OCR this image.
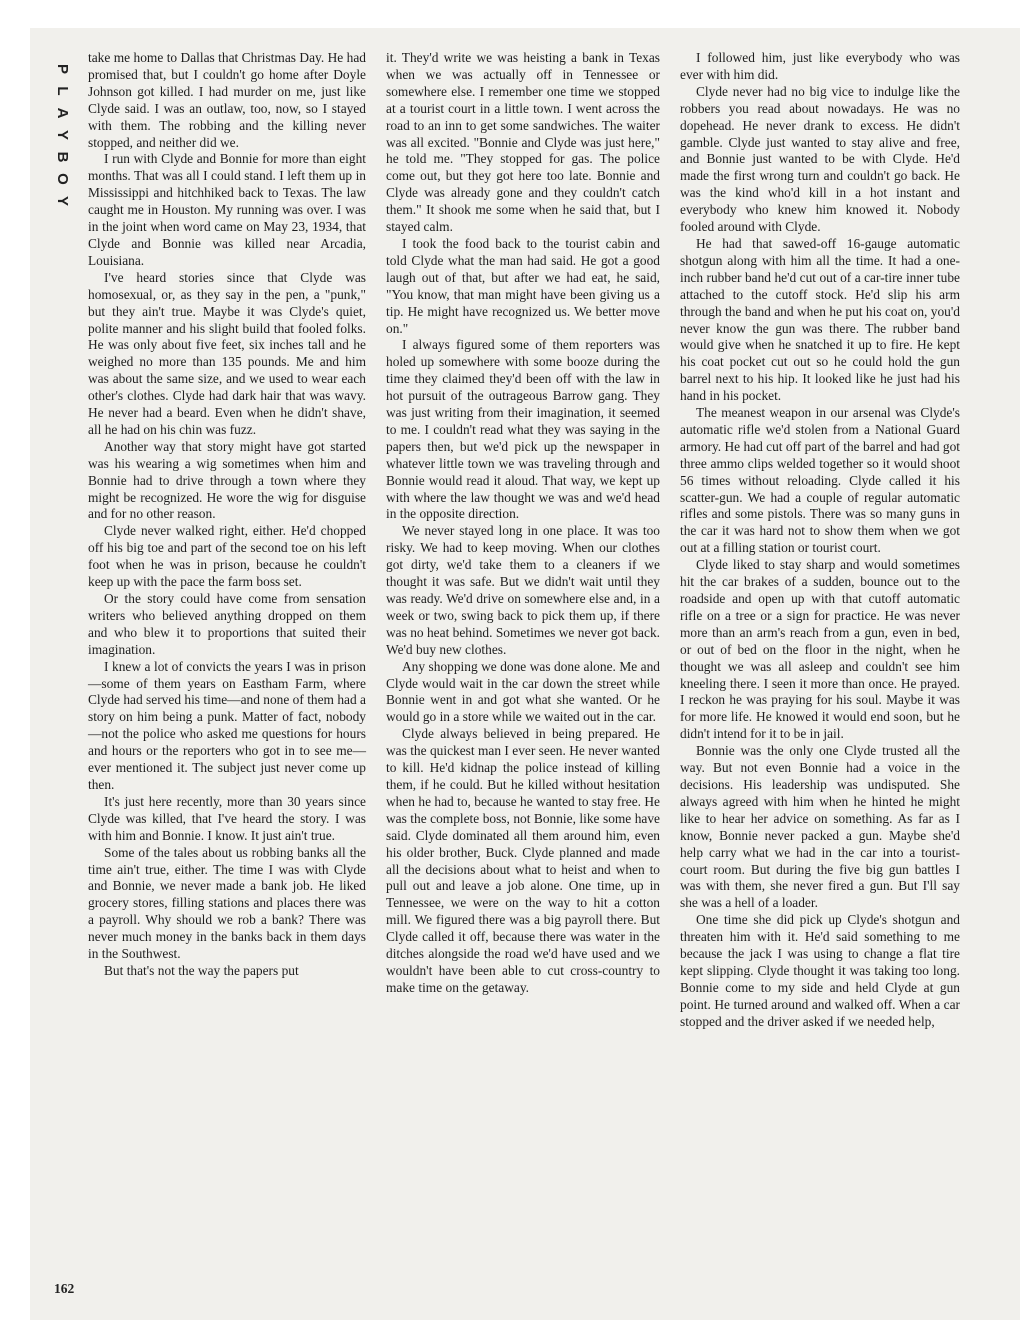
P
L
A
Y
B
O
Y

take me home to Dallas that Christmas Day. He had promised that, but I couldn't go home after Doyle Johnson got killed. I had murder on me, just like Clyde said. I was an outlaw, too, now, so I stayed with them. The robbing and the killing never stopped, and neither did we.

I run with Clyde and Bonnie for more than eight months. That was all I could stand. I left them up in Mississippi and hitchhiked back to Texas. The law caught me in Houston. My running was over. I was in the joint when word came on May 23, 1934, that Clyde and Bonnie was killed near Arcadia, Louisiana.

I've heard stories since that Clyde was homosexual, or, as they say in the pen, a "punk," but they ain't true. Maybe it was Clyde's quiet, polite manner and his slight build that fooled folks. He was only about five feet, six inches tall and he weighed no more than 135 pounds. Me and him was about the same size, and we used to wear each other's clothes. Clyde had dark hair that was wavy. He never had a beard. Even when he didn't shave, all he had on his chin was fuzz.

Another way that story might have got started was his wearing a wig sometimes when him and Bonnie had to drive through a town where they might be recognized. He wore the wig for disguise and for no other reason.

Clyde never walked right, either. He'd chopped off his big toe and part of the second toe on his left foot when he was in prison, because he couldn't keep up with the pace the farm boss set.

Or the story could have come from sensation writers who believed anything dropped on them and who blew it to proportions that suited their imagination.

I knew a lot of convicts the years I was in prison—some of them years on Eastham Farm, where Clyde had served his time—and none of them had a story on him being a punk. Matter of fact, nobody—not the police who asked me questions for hours and hours or the reporters who got in to see me—ever mentioned it. The subject just never come up then.

It's just here recently, more than 30 years since Clyde was killed, that I've heard the story. I was with him and Bonnie. I know. It just ain't true.

Some of the tales about us robbing banks all the time ain't true, either. The time I was with Clyde and Bonnie, we never made a bank job. He liked grocery stores, filling stations and places there was a payroll. Why should we rob a bank? There was never much money in the banks back in them days in the Southwest.

But that's not the way the papers put

it. They'd write we was heisting a bank in Texas when we was actually off in Tennessee or somewhere else. I remember one time we stopped at a tourist court in a little town. I went across the road to an inn to get some sandwiches. The waiter was all excited. "Bonnie and Clyde was just here," he told me. "They stopped for gas. The police come out, but they got here too late. Bonnie and Clyde was already gone and they couldn't catch them." It shook me some when he said that, but I stayed calm.

I took the food back to the tourist cabin and told Clyde what the man had said. He got a good laugh out of that, but after we had eat, he said, "You know, that man might have been giving us a tip. He might have recognized us. We better move on."

I always figured some of them reporters was holed up somewhere with some booze during the time they claimed they'd been off with the law in hot pursuit of the outrageous Barrow gang. They was just writing from their imagination, it seemed to me. I couldn't read what they was saying in the papers then, but we'd pick up the newspaper in whatever little town we was traveling through and Bonnie would read it aloud. That way, we kept up with where the law thought we was and we'd head in the opposite direction.

We never stayed long in one place. It was too risky. We had to keep moving. When our clothes got dirty, we'd take them to a cleaners if we thought it was safe. But we didn't wait until they was ready. We'd drive on somewhere else and, in a week or two, swing back to pick them up, if there was no heat behind. Sometimes we never got back. We'd buy new clothes.

Any shopping we done was done alone. Me and Clyde would wait in the car down the street while Bonnie went in and got what she wanted. Or he would go in a store while we waited out in the car.

Clyde always believed in being prepared. He was the quickest man I ever seen. He never wanted to kill. He'd kidnap the police instead of killing them, if he could. But he killed without hesitation when he had to, because he wanted to stay free. He was the complete boss, not Bonnie, like some have said. Clyde dominated all them around him, even his older brother, Buck. Clyde planned and made all the decisions about what to heist and when to pull out and leave a job alone. One time, up in Tennessee, we were on the way to hit a cotton mill. We figured there was a big payroll there. But Clyde called it off, because there was water in the ditches alongside the road we'd have used and we wouldn't have been able to cut cross-country to make time on the getaway.

I followed him, just like everybody who was ever with him did.

Clyde never had no big vice to indulge like the robbers you read about nowadays. He was no dopehead. He never drank to excess. He didn't gamble. Clyde just wanted to stay alive and free, and Bonnie just wanted to be with Clyde. He'd made the first wrong turn and couldn't go back. He was the kind who'd kill in a hot instant and everybody who knew him knowed it. Nobody fooled around with Clyde.

He had that sawed-off 16-gauge automatic shotgun along with him all the time. It had a one-inch rubber band he'd cut out of a car-tire inner tube attached to the cutoff stock. He'd slip his arm through the band and when he put his coat on, you'd never know the gun was there. The rubber band would give when he snatched it up to fire. He kept his coat pocket cut out so he could hold the gun barrel next to his hip. It looked like he just had his hand in his pocket.

The meanest weapon in our arsenal was Clyde's automatic rifle we'd stolen from a National Guard armory. He had cut off part of the barrel and had got three ammo clips welded together so it would shoot 56 times without reloading. Clyde called it his scatter-gun. We had a couple of regular automatic rifles and some pistols. There was so many guns in the car it was hard not to show them when we got out at a filling station or tourist court.

Clyde liked to stay sharp and would sometimes hit the car brakes of a sudden, bounce out to the roadside and open up with that cutoff automatic rifle on a tree or a sign for practice. He was never more than an arm's reach from a gun, even in bed, or out of bed on the floor in the night, when he thought we was all asleep and couldn't see him kneeling there. I seen it more than once. He prayed. I reckon he was praying for his soul. Maybe it was for more life. He knowed it would end soon, but he didn't intend for it to be in jail.

Bonnie was the only one Clyde trusted all the way. But not even Bonnie had a voice in the decisions. His leadership was undisputed. She always agreed with him when he hinted he might like to hear her advice on something. As far as I know, Bonnie never packed a gun. Maybe she'd help carry what we had in the car into a tourist-court room. But during the five big gun battles I was with them, she never fired a gun. But I'll say she was a hell of a loader.

One time she did pick up Clyde's shotgun and threaten him with it. He'd said something to me because the jack I was using to change a flat tire kept slipping. Clyde thought it was taking too long. Bonnie come to my side and held Clyde at gun point. He turned around and walked off. When a car stopped and the driver asked if we needed help,

162
